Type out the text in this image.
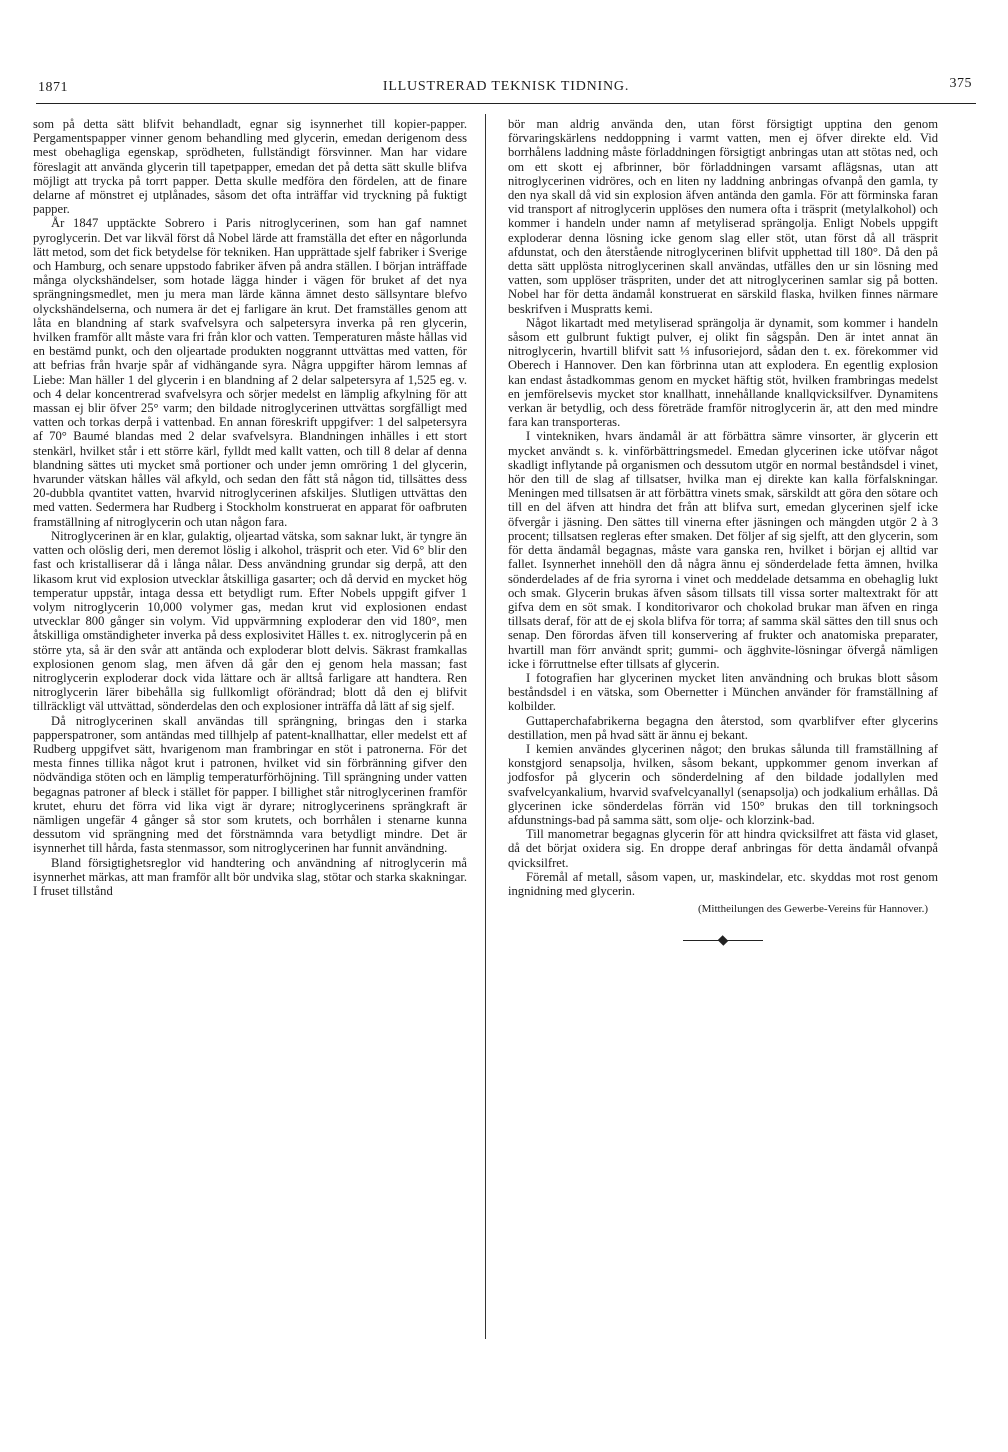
1871	ILLUSTRERAD TEKNISK TIDNING.	375

som på detta sätt blifvit behandladt, egnar sig isynnerhet till kopier-papper. Pergamentspapper vinner genom behandling med glycerin, emedan derigenom dess mest obehagliga egenskap, sprödheten, fullständigt försvinner. Man har vidare föreslagit att använda glycerin till tapetpapper, emedan det på detta sätt skulle blifva möjligt att trycka på torrt papper. Detta skulle medföra den fördelen, att de finare delarne af mönstret ej utplånades, såsom det ofta inträffar vid tryckning på fuktigt papper.

År 1847 upptäckte Sobrero i Paris nitroglycerinen, som han gaf namnet pyroglycerin. Det var likväl först då Nobel lärde att framställa det efter en någorlunda lätt metod, som det fick betydelse för tekniken. Han upprättade sjelf fabriker i Sverige och Hamburg, och senare uppstodo fabriker äfven på andra ställen. I början inträffade många olyckshändelser, som hotade lägga hinder i vägen för bruket af det nya sprängningsmedlet, men ju mera man lärde känna ämnet desto sällsyntare blefvo olyckshändelserna, och numera är det ej farligare än krut. Det framställes genom att låta en blandning af stark svafvelsyra och salpetersyra inverka på ren glycerin, hvilken framför allt måste vara fri från klor och vatten. Temperaturen måste hållas vid en bestämd punkt, och den oljeartade produkten noggrannt uttvättas med vatten, för att befrias från hvarje spår af vidhängande syra. Några uppgifter härom lemnas af Liebe: Man häller 1 del glycerin i en blandning af 2 delar salpetersyra af 1,525 eg. v. och 4 delar koncentrerad svafvelsyra och sörjer medelst en lämplig afkylning för att massan ej blir öfver 25° varm; den bildade nitroglycerinen uttvättas sorgfälligt med vatten och torkas derpå i vattenbad. En annan föreskrift uppgifver: 1 del salpetersyra af 70° Baumé blandas med 2 delar svafvelsyra. Blandningen inhälles i ett stort stenkärl, hvilket står i ett större kärl, fylldt med kallt vatten, och till 8 delar af denna blandning sättes uti mycket små portioner och under jemn omröring 1 del glycerin, hvarunder vätskan hålles väl afkyld, och sedan den fått stå någon tid, tillsättes dess 20-dubbla qvantitet vatten, hvarvid nitroglycerinen afskiljes. Slutligen uttvättas den med vatten. Sedermera har Rudberg i Stockholm konstruerat en apparat för oafbruten framställning af nitroglycerin och utan någon fara.

Nitroglycerinen är en klar, gulaktig, oljeartad vätska, som saknar lukt, är tyngre än vatten och olöslig deri, men deremot löslig i alkohol, träsprit och eter. Vid 6° blir den fast och kristalliserar då i långa nålar. Dess användning grundar sig derpå, att den likasom krut vid explosion utvecklar åtskilliga gasarter; och då dervid en mycket hög temperatur uppstår, intaga dessa ett betydligt rum. Efter Nobels uppgift gifver 1 volym nitroglycerin 10,000 volymer gas, medan krut vid explosionen endast utvecklar 800 gånger sin volym. Vid uppvärmning exploderar den vid 180°, men åtskilliga omständigheter inverka på dess explosivitet Hälles t. ex. nitroglycerin på en större yta, så är den svår att antända och exploderar blott delvis. Säkrast framkallas explosionen genom slag, men äfven då går den ej genom hela massan; fast nitroglycerin exploderar dock vida lättare och är alltså farligare att handtera. Ren nitroglycerin lärer bibehålla sig fullkomligt oförändrad; blott då den ej blifvit tillräckligt väl uttvättad, sönderdelas den och explosioner inträffa då lätt af sig sjelf.

Då nitroglycerinen skall användas till sprängning, bringas den i starka papperspatroner, som antändas med tillhjelp af patent-knallhattar, eller medelst ett af Rudberg uppgifvet sätt, hvarigenom man frambringar en stöt i patronerna. För det mesta finnes tillika något krut i patronen, hvilket vid sin förbränning gifver den nödvändiga stöten och en lämplig temperaturförhöjning. Till sprängning under vatten begagnas patroner af bleck i stället för papper. I billighet står nitroglycerinen framför krutet, ehuru det förra vid lika vigt är dyrare; nitroglycerinens sprängkraft är nämligen ungefär 4 gånger så stor som krutets, och borrhålen i stenarne kunna dessutom vid sprängning med det förstnämnda vara betydligt mindre. Det är isynnerhet till hårda, fasta stenmassor, som nitroglycerinen har funnit användning.

Bland försigtighetsreglor vid handtering och användning af nitroglycerin må isynnerhet märkas, att man framför allt bör undvika slag, stötar och starka skakningar. I fruset tillstånd

bör man aldrig använda den, utan först försigtigt upptina den genom förvaringskärlens neddoppning i varmt vatten, men ej öfver direkte eld. Vid borrhålens laddning måste förladdningen försigtigt anbringas utan att stötas ned, och om ett skott ej afbrinner, bör förladdningen varsamt aflägsnas, utan att nitroglycerinen vidröres, och en liten ny laddning anbringas ofvanpå den gamla, ty den nya skall då vid sin explosion äfven antända den gamla. För att förminska faran vid transport af nitroglycerin upplöses den numera ofta i träsprit (metylalkohol) och kommer i handeln under namn af metyliserad sprängolja. Enligt Nobels uppgift exploderar denna lösning icke genom slag eller stöt, utan först då all träsprit afdunstat, och den återstående nitroglycerinen blifvit upphettad till 180°. Då den på detta sätt upplösta nitroglycerinen skall användas, utfälles den ur sin lösning med vatten, som upplöser träspriten, under det att nitroglycerinen samlar sig på botten. Nobel har för detta ändamål konstruerat en särskild flaska, hvilken finnes närmare beskrifven i Muspratts kemi.

Något likartadt med metyliserad sprängolja är dynamit, som kommer i handeln såsom ett gulbrunt fuktigt pulver, ej olikt fin sågspån. Den är intet annat än nitroglycerin, hvartill blifvit satt ⅓ infusoriejord, sådan den t. ex. förekommer vid Oberech i Hannover. Den kan förbrinna utan att explodera. En egentlig explosion kan endast åstadkommas genom en mycket häftig stöt, hvilken frambringas medelst en jemförelsevis mycket stor knallhatt, innehållande knallqvicksilfver. Dynamitens verkan är betydlig, och dess företräde framför nitroglycerin är, att den med mindre fara kan transporteras.

I vintekniken, hvars ändamål är att förbättra sämre vinsorter, är glycerin ett mycket användt s. k. vinförbättringsmedel. Emedan glycerinen icke utöfvar något skadligt inflytande på organismen och dessutom utgör en normal beståndsdel i vinet, hör den till de slag af tillsatser, hvilka man ej direkte kan kalla förfalskningar. Meningen med tillsatsen är att förbättra vinets smak, särskildt att göra den sötare och till en del äfven att hindra det från att blifva surt, emedan glycerinen sjelf icke öfvergår i jäsning. Den sättes till vinerna efter jäsningen och mängden utgör 2 à 3 procent; tillsatsen regleras efter smaken. Det följer af sig sjelft, att den glycerin, som för detta ändamål begagnas, måste vara ganska ren, hvilket i början ej alltid var fallet. Isynnerhet innehöll den då några ännu ej sönderdelade fetta ämnen, hvilka sönderdelades af de fria syrorna i vinet och meddelade detsamma en obehaglig lukt och smak. Glycerin brukas äfven såsom tillsats till vissa sorter maltextrakt för att gifva dem en söt smak. I konditorivaror och chokolad brukar man äfven en ringa tillsats deraf, för att de ej skola blifva för torra; af samma skäl sättes den till snus och senap. Den förordas äfven till konservering af frukter och anatomiska preparater, hvartill man förr användt sprit; gummi- och ägghvite-lösningar öfvergå nämligen icke i förruttnelse efter tillsats af glycerin.

I fotografien har glycerinen mycket liten användning och brukas blott såsom beståndsdel i en vätska, som Obernetter i München använder för framställning af kolbilder.

Guttaperchafabrikerna begagna den återstod, som qvarblifver efter glycerins destillation, men på hvad sätt är ännu ej bekant.

I kemien användes glycerinen något; den brukas sålunda till framställning af konstgjord senapsolja, hvilken, såsom bekant, uppkommer genom inverkan af jodfosfor på glycerin och sönderdelning af den bildade jodallylen med svafvelcyankalium, hvarvid svafvelcyanallyl (senapsolja) och jodkalium erhållas. Då glycerinen icke sönderdelas förrän vid 150° brukas den till torkningsoch afdunstnings-bad på samma sätt, som olje- och klorzink-bad.

Till manometrar begagnas glycerin för att hindra qvicksilfret att fästa vid glaset, då det börjat oxidera sig. En droppe deraf anbringas för detta ändamål ofvanpå qvicksilfret.

Föremål af metall, såsom vapen, ur, maskindelar, etc. skyddas mot rost genom ingnidning med glycerin.

(Mittheilungen des Gewerbe-Vereins für Hannover.)
